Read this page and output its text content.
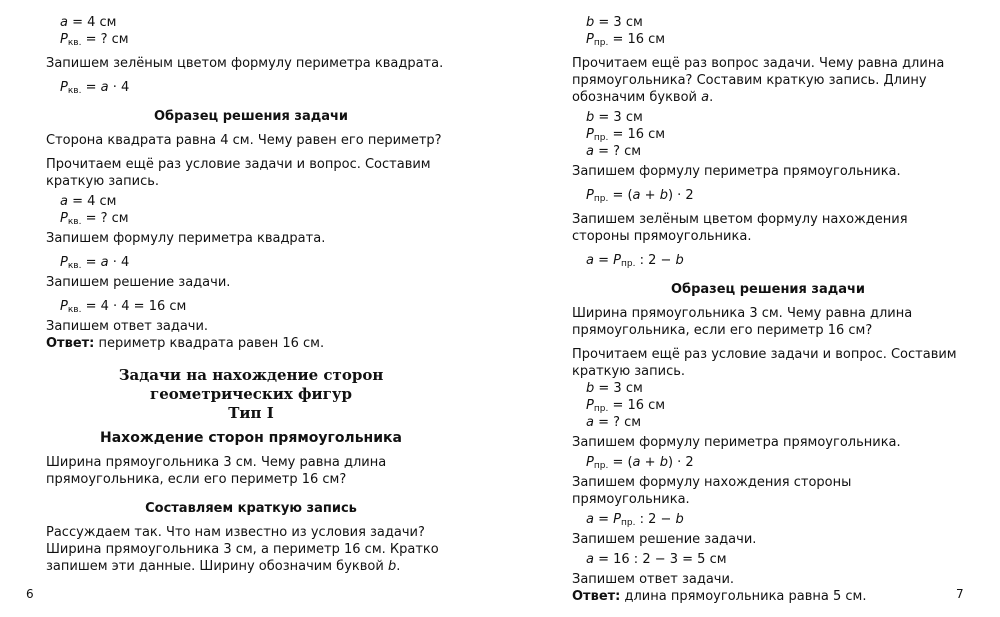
a = 4 см

$P_{кв.}$ = ? см

Запишем зелёным цветом формулу периметра квадрата.

$P_{кв.} = a \cdot 4$

Образец решения задачи

Сторона квадрата равна 4 см. Чему равен его периметр?

Прочитаем ещё раз условие задачи и вопрос. Составим краткую запись.

a = 4 см

$P_{кв.}$ = ? см

Запишем формулу периметра квадрата.

$P_{кв.} = a \cdot 4$

Запишем решение задачи.

$P_{кв.} = 4 \cdot 4 = 16$ см

Запишем ответ задачи.

Ответ: периметр квадрата равен 16 см.

Задачи на нахождение сторон

геометрических фигур

Тип I

Нахождение сторон прямоугольника

Ширина прямоугольника 3 см. Чему равна длина прямоугольника, если его периметр 16 см?

Составляем краткую запись

Рассуждаем так. Что нам известно из условия задачи? Ширина прямоугольника 3 см, а периметр 16 см. Кратко запишем эти данные. Ширину обозначим буквой b.

b = 3 см

$P_{пр.} = 16$ см

Прочитаем ещё раз вопрос задачи. Чему равна длина прямоугольника? Составим краткую запись. Длину обозначим буквой a.

b = 3 см

$P_{пр.} = 16$ см

a = ? см

Запишем формулу периметра прямоугольника.

$P_{пр.} = (a + b) \cdot 2$

Запишем зелёным цветом формулу нахождения стороны прямоугольника.

$a = P_{пр.}$ : 2 − b

Образец решения задачи

Ширина прямоугольника 3 см. Чему равна длина прямоугольника, если его периметр 16 см?

Прочитаем ещё раз условие задачи и вопрос. Составим краткую запись.

b = 3 см

$P_{пр.} = 16$ см

a = ? см

Запишем формулу периметра прямоугольника.

$P_{пр.} = (a + b) \cdot 2$

Запишем формулу нахождения стороны прямоугольника.

$a = P_{пр.}$ : 2 − b

Запишем решение задачи.

a = 16 : 2 − 3 = 5 см

Запишем ответ задачи.

Ответ: длина прямоугольника равна 5 см.

6	7
